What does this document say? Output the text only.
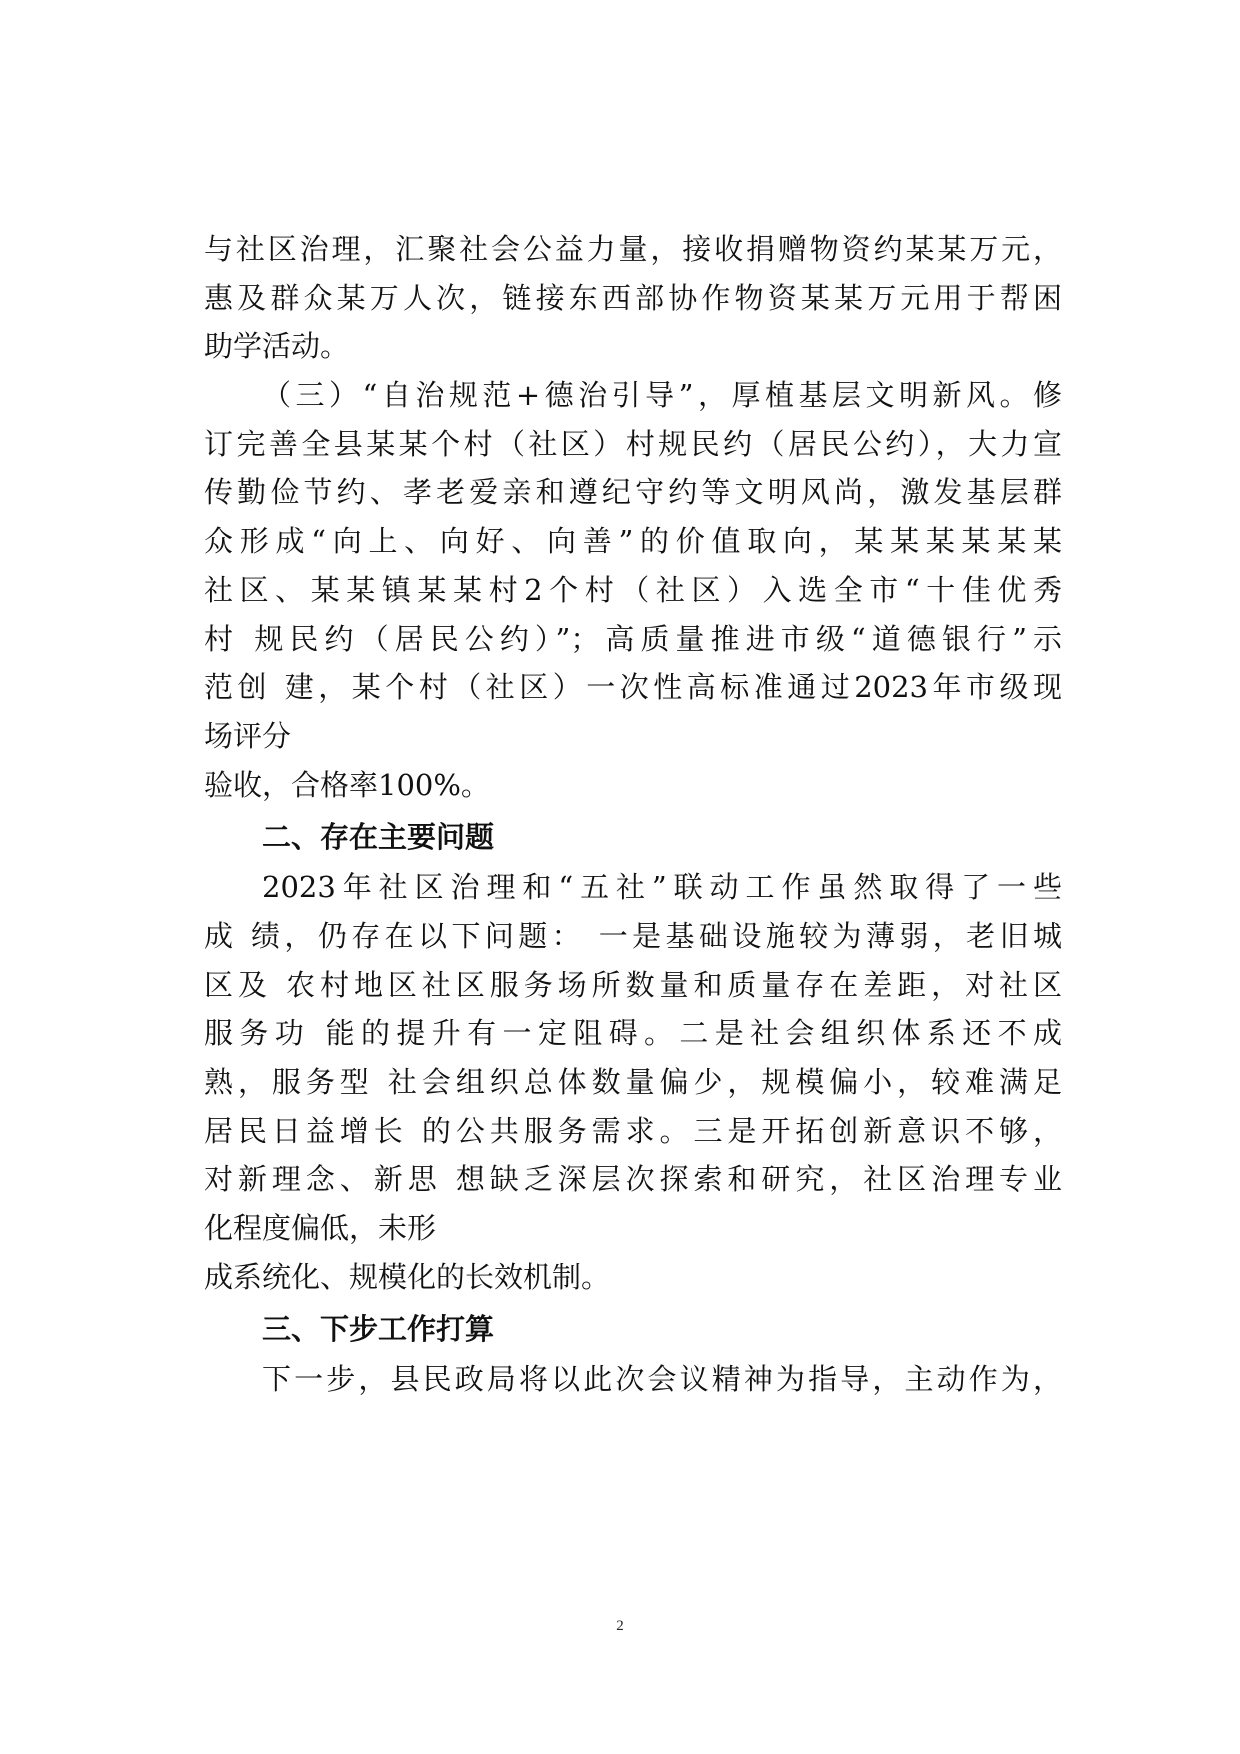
与社区治理，汇聚社会公益力量，接收捐赠物资约某某万元，
惠及群众某万人次，链接东西部协作物资某某万元用于帮困
助学活动。
（三）“自治规范+德治引导”，厚植基层文明新风。修
订完善全县某某个村（社区）村规民约（居民公约），大力宣
传勤俭节约、孝老爱亲和遵纪守约等文明风尚，激发基层群
众形成“向上、向好、向善”的价值取向，某某某某某某
社区、某某镇某某村2个村（社区）入选全市“十佳优秀
村 规民约（居民公约）”；高质量推进市级“道德银行”示
范创 建，某个村（社区）一次性高标准通过2023年市级现
场评分
验收，合格率100%。
二、存在主要问题
2023年社区治理和“五社”联动工作虽然取得了一些
成 绩，仍存在以下问题： 一是基础设施较为薄弱，老旧城
区及 农村地区社区服务场所数量和质量存在差距，对社区
服务功 能的提升有一定阻碍。二是社会组织体系还不成
熟，服务型 社会组织总体数量偏少，规模偏小，较难满足
居民日益增长 的公共服务需求。三是开拓创新意识不够，
对新理念、新思 想缺乏深层次探索和研究，社区治理专业
化程度偏低，未形
成系统化、规模化的长效机制。
三、下步工作打算
下一步，县民政局将以此次会议精神为指导，主动作为，
2
